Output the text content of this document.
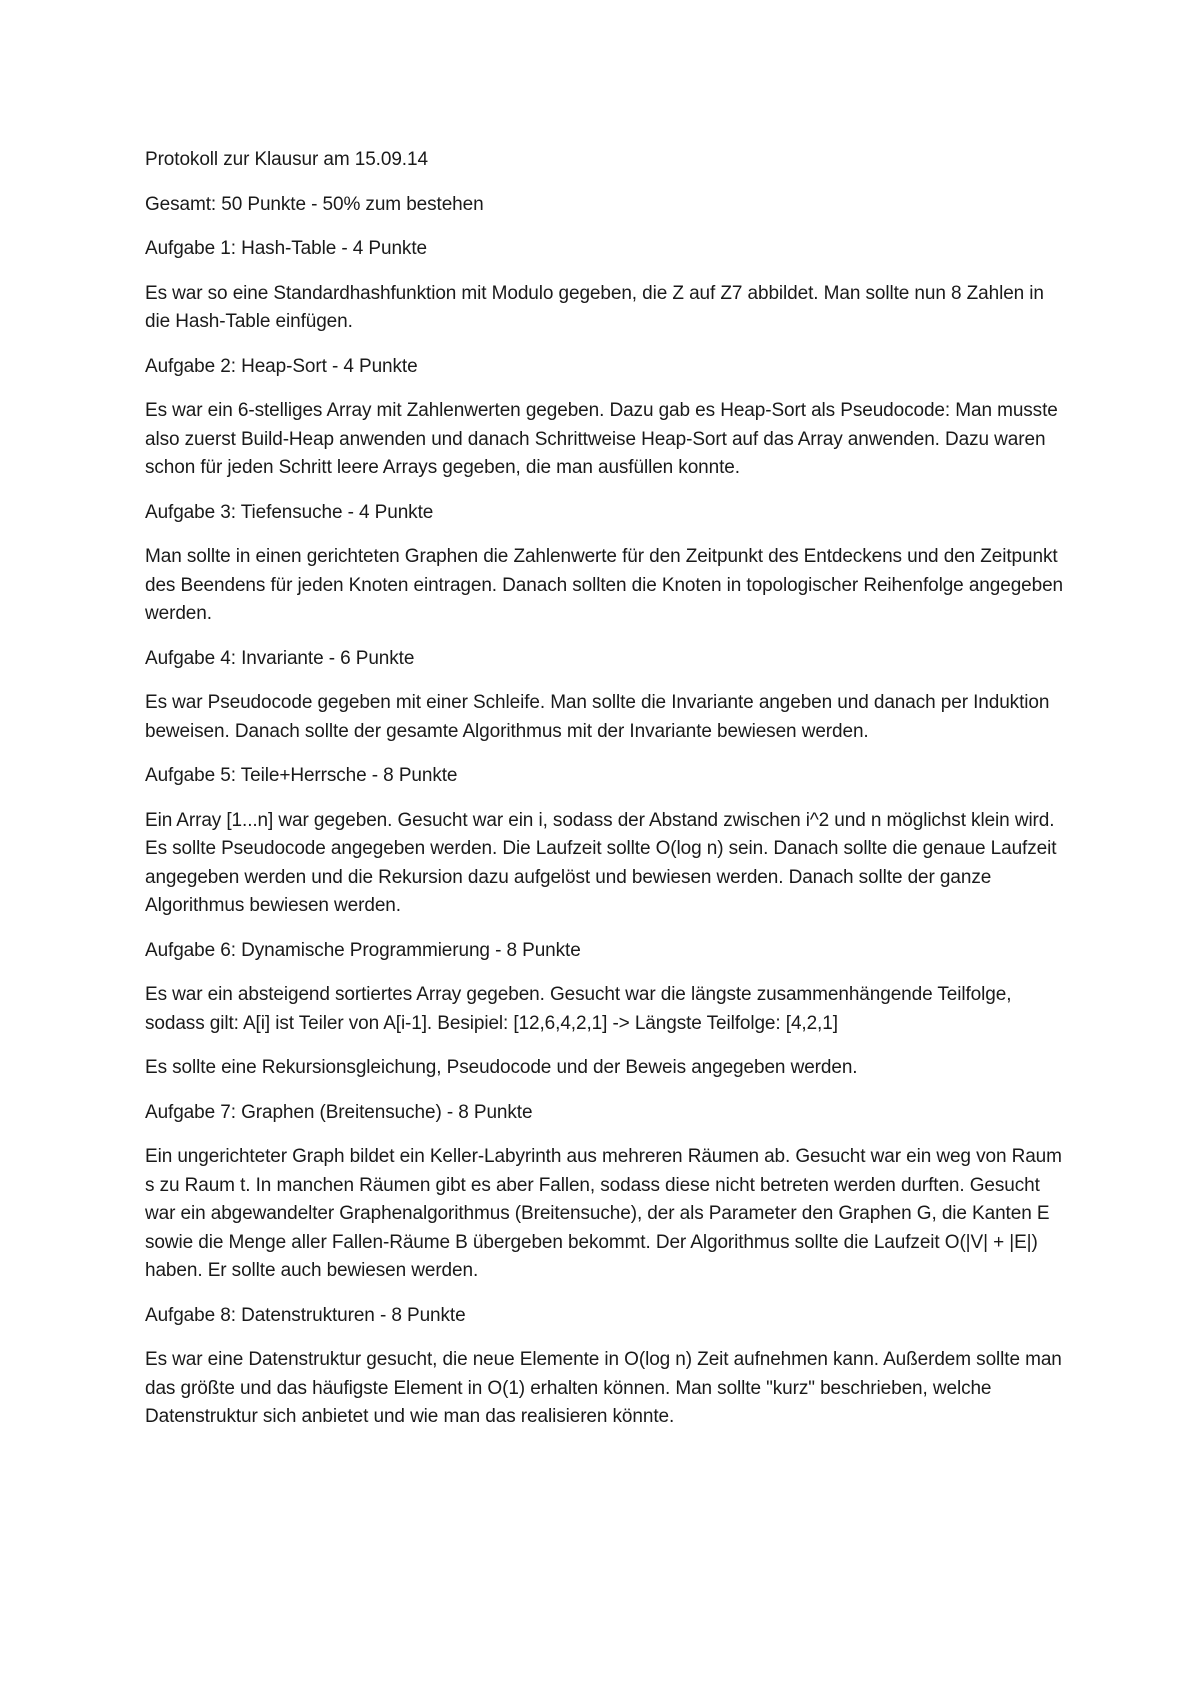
Protokoll zur Klausur am 15.09.14

Gesamt: 50 Punkte - 50% zum bestehen

Aufgabe 1: Hash-Table - 4 Punkte

Es war so eine Standardhashfunktion mit Modulo gegeben, die Z auf Z7 abbildet. Man sollte nun 8 Zahlen in die Hash-Table einfügen.

Aufgabe 2: Heap-Sort - 4 Punkte

Es war ein 6-stelliges Array mit Zahlenwerten gegeben. Dazu gab es Heap-Sort als Pseudocode: Man musste also zuerst Build-Heap anwenden und danach Schrittweise Heap-Sort auf das Array anwenden. Dazu waren schon für jeden Schritt leere Arrays gegeben, die man ausfüllen konnte.

Aufgabe 3: Tiefensuche - 4 Punkte

Man sollte in einen gerichteten Graphen die Zahlenwerte für den Zeitpunkt des Entdeckens und den Zeitpunkt des Beendens für jeden Knoten eintragen. Danach sollten die Knoten in topologischer Reihenfolge angegeben werden.

Aufgabe 4: Invariante - 6 Punkte

Es war Pseudocode gegeben mit einer Schleife. Man sollte die Invariante angeben und danach per Induktion beweisen. Danach sollte der gesamte Algorithmus mit der Invariante bewiesen werden.

Aufgabe 5: Teile+Herrsche - 8 Punkte

Ein Array [1...n] war gegeben. Gesucht war ein i, sodass der Abstand zwischen i^2 und n möglichst klein wird. Es sollte Pseudocode angegeben werden. Die Laufzeit sollte O(log n) sein. Danach sollte die genaue Laufzeit angegeben werden und die Rekursion dazu aufgelöst und bewiesen werden. Danach sollte der ganze Algorithmus bewiesen werden.

Aufgabe 6: Dynamische Programmierung - 8 Punkte

Es war ein absteigend sortiertes Array gegeben. Gesucht war die längste zusammenhängende Teilfolge, sodass gilt: A[i] ist Teiler von A[i-1]. Besipiel: [12,6,4,2,1] -> Längste Teilfolge: [4,2,1]

Es sollte eine Rekursionsgleichung, Pseudocode und der Beweis angegeben werden.

Aufgabe 7: Graphen (Breitensuche) - 8 Punkte

Ein ungerichteter Graph bildet ein Keller-Labyrinth aus mehreren Räumen ab. Gesucht war ein weg von Raum s zu Raum t. In manchen Räumen gibt es aber Fallen, sodass diese nicht betreten werden durften. Gesucht war ein abgewandelter Graphenalgorithmus (Breitensuche), der als Parameter den Graphen G, die Kanten E sowie die Menge aller Fallen-Räume B übergeben bekommt. Der Algorithmus sollte die Laufzeit O(|V| + |E|) haben. Er sollte auch bewiesen werden.

Aufgabe 8: Datenstrukturen - 8 Punkte

Es war eine Datenstruktur gesucht, die neue Elemente in O(log n) Zeit aufnehmen kann. Außerdem sollte man das größte und das häufigste Element in O(1) erhalten können. Man sollte "kurz" beschrieben, welche Datenstruktur sich anbietet und wie man das realisieren könnte.
